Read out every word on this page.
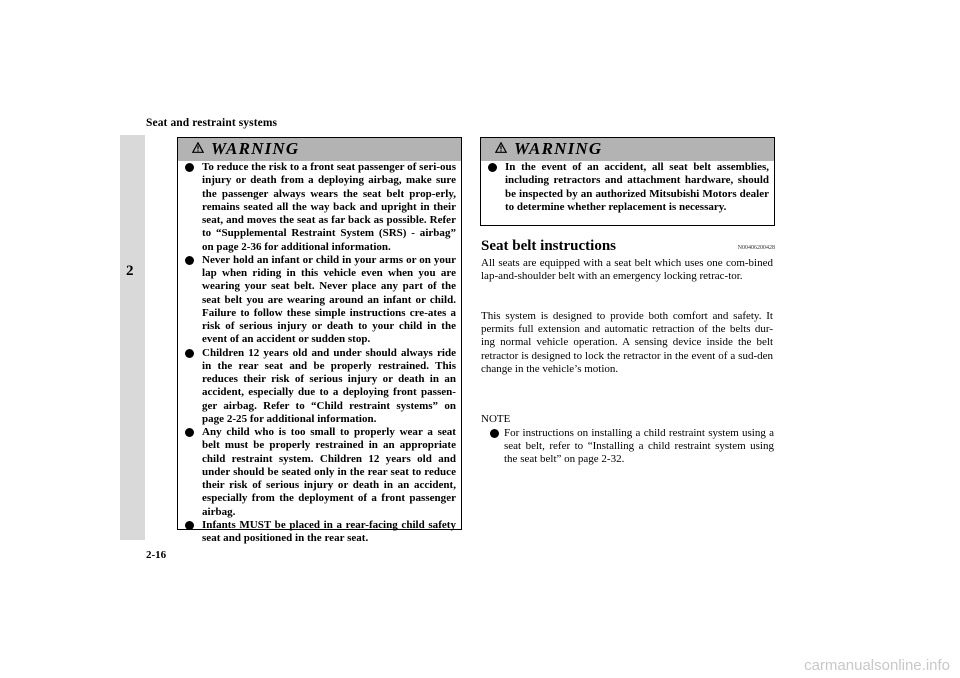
Seat and restraint systems
2
WARNING
To reduce the risk to a front seat passenger of seri-ous injury or death from a deploying airbag, make sure the passenger always wears the seat belt prop-erly, remains seated all the way back and upright in their seat, and moves the seat as far back as possible. Refer to “Supplemental Restraint System (SRS) - airbag” on page 2-36 for additional information.
Never hold an infant or child in your arms or on your lap when riding in this vehicle even when you are wearing your seat belt. Never place any part of the seat belt you are wearing around an infant or child. Failure to follow these simple instructions cre-ates a risk of serious injury or death to your child in the event of an accident or sudden stop.
Children 12 years old and under should always ride in the rear seat and be properly restrained. This reduces their risk of serious injury or death in an accident, especially due to a deploying front passen-ger airbag. Refer to “Child restraint systems” on page 2-25 for additional information.
Any child who is too small to properly wear a seat belt must be properly restrained in an appropriate child restraint system. Children 12 years old and under should be seated only in the rear seat to reduce their risk of serious injury or death in an accident, especially from the deployment of a front passenger airbag.
Infants MUST be placed in a rear-facing child safety seat and positioned in the rear seat.
WARNING
In the event of an accident, all seat belt assemblies, including retractors and attachment hardware, should be inspected by an authorized Mitsubishi Motors dealer to determine whether replacement is necessary.
Seat belt instructions	N00406200428

All seats are equipped with a seat belt which uses one com-bined lap-and-shoulder belt with an emergency locking retrac-tor.

This system is designed to provide both comfort and safety. It permits full extension and automatic retraction of the belts dur-ing normal vehicle operation. A sensing device inside the belt retractor is designed to lock the retractor in the event of a sud-den change in the vehicle’s motion.

NOTE
For instructions on installing a child restraint system using a seat belt, refer to “Installing a child restraint system using the seat belt” on page 2-32.
2-16
carmanualsonline.info
